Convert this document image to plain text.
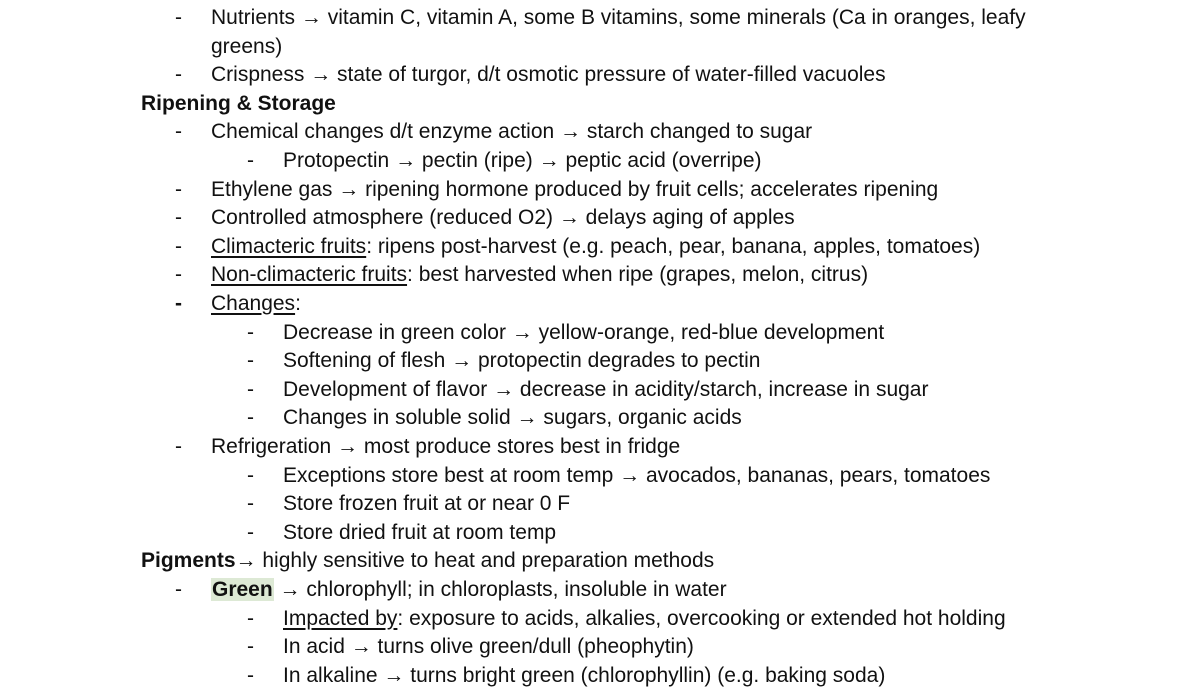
- Nutrients → vitamin C, vitamin A, some B vitamins, some minerals (Ca in oranges, leafy
greens)
- Crispness → state of turgor, d/t osmotic pressure of water-filled vacuoles
Ripening & Storage
- Chemical changes d/t enzyme action → starch changed to sugar
- Protopectin → pectin (ripe) → peptic acid (overripe)
- Ethylene gas → ripening hormone produced by fruit cells; accelerates ripening
- Controlled atmosphere (reduced O2) → delays aging of apples
- Climacteric fruits: ripens post-harvest (e.g. peach, pear, banana, apples, tomatoes)
- Non-climacteric fruits: best harvested when ripe (grapes, melon, citrus)
- Changes:
- Decrease in green color → yellow-orange, red-blue development
- Softening of flesh → protopectin degrades to pectin
- Development of flavor → decrease in acidity/starch, increase in sugar
- Changes in soluble solid → sugars, organic acids
- Refrigeration → most produce stores best in fridge
- Exceptions store best at room temp → avocados, bananas, pears, tomatoes
- Store frozen fruit at or near 0 F
- Store dried fruit at room temp
Pigments→ highly sensitive to heat and preparation methods
- Green → chlorophyll; in chloroplasts, insoluble in water
- Impacted by: exposure to acids, alkalies, overcooking or extended hot holding
- In acid → turns olive green/dull (pheophytin)
- In alkaline → turns bright green (chlorophyllin) (e.g. baking soda)
